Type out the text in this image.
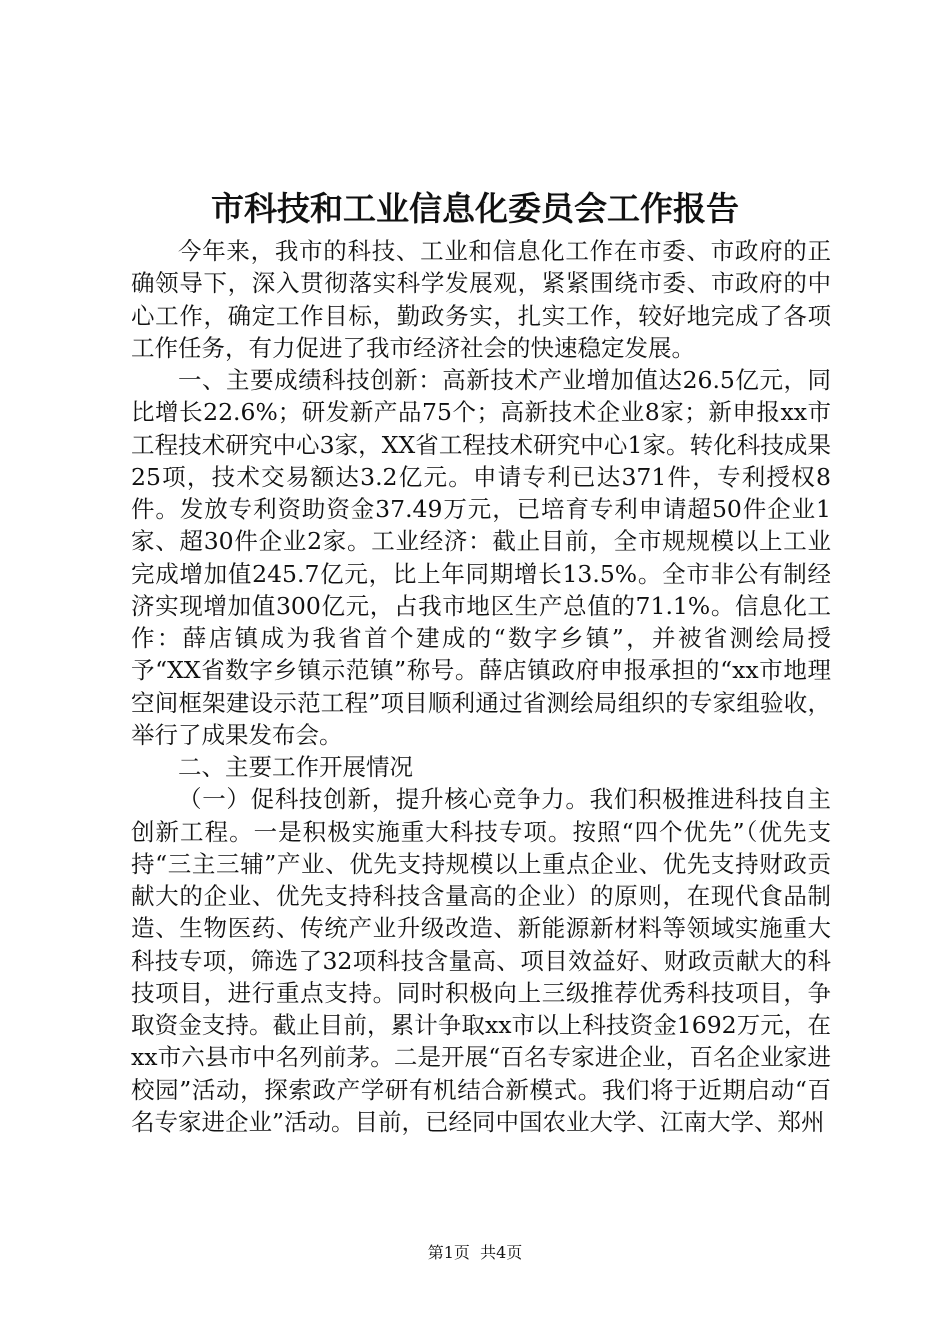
市科技和工业信息化委员会工作报告

今年来，我市的科技、工业和信息化工作在市委、市政府的正确领导下，深入贯彻落实科学发展观，紧紧围绕市委、市政府的中心工作，确定工作目标，勤政务实，扎实工作，较好地完成了各项工作任务，有力促进了我市经济社会的快速稳定发展。

一、主要成绩科技创新：高新技术产业增加值达26.5亿元，同比增长22.6%；研发新产品75个；高新技术企业8家；新申报xx市工程技术研究中心3家，XX省工程技术研究中心1家。转化科技成果25项，技术交易额达3.2亿元。申请专利已达371件，专利授权8件。发放专利资助资金37.49万元，已培育专利申请超50件企业1家、超30件企业2家。工业经济：截止目前，全市规规模以上工业完成增加值245.7亿元，比上年同期增长13.5%。全市非公有制经济实现增加值300亿元，占我市地区生产总值的71.1%。信息化工作：薛店镇成为我省首个建成的“数字乡镇”，并被省测绘局授予“XX省数字乡镇示范镇”称号。薛店镇政府申报承担的“xx市地理空间框架建设示范工程”项目顺利通过省测绘局组织的专家组验收，举行了成果发布会。

二、主要工作开展情况

（一）促科技创新，提升核心竞争力。我们积极推进科技自主创新工程。一是积极实施重大科技专项。按照“四个优先”（优先支持“三主三辅”产业、优先支持规模以上重点企业、优先支持财政贡献大的企业、优先支持科技含量高的企业）的原则，在现代食品制造、生物医药、传统产业升级改造、新能源新材料等领域实施重大科技专项，筛选了32项科技含量高、项目效益好、财政贡献大的科技项目，进行重点支持。同时积极向上三级推荐优秀科技项目，争取资金支持。截止目前，累计争取xx市以上科技资金1692万元，在xx市六县市中名列前茅。二是开展“百名专家进企业，百名企业家进校园”活动，探索政产学研有机结合新模式。我们将于近期启动“百名专家进企业”活动。目前，已经同中国农业大学、江南大学、郑州

第1页  共4页
